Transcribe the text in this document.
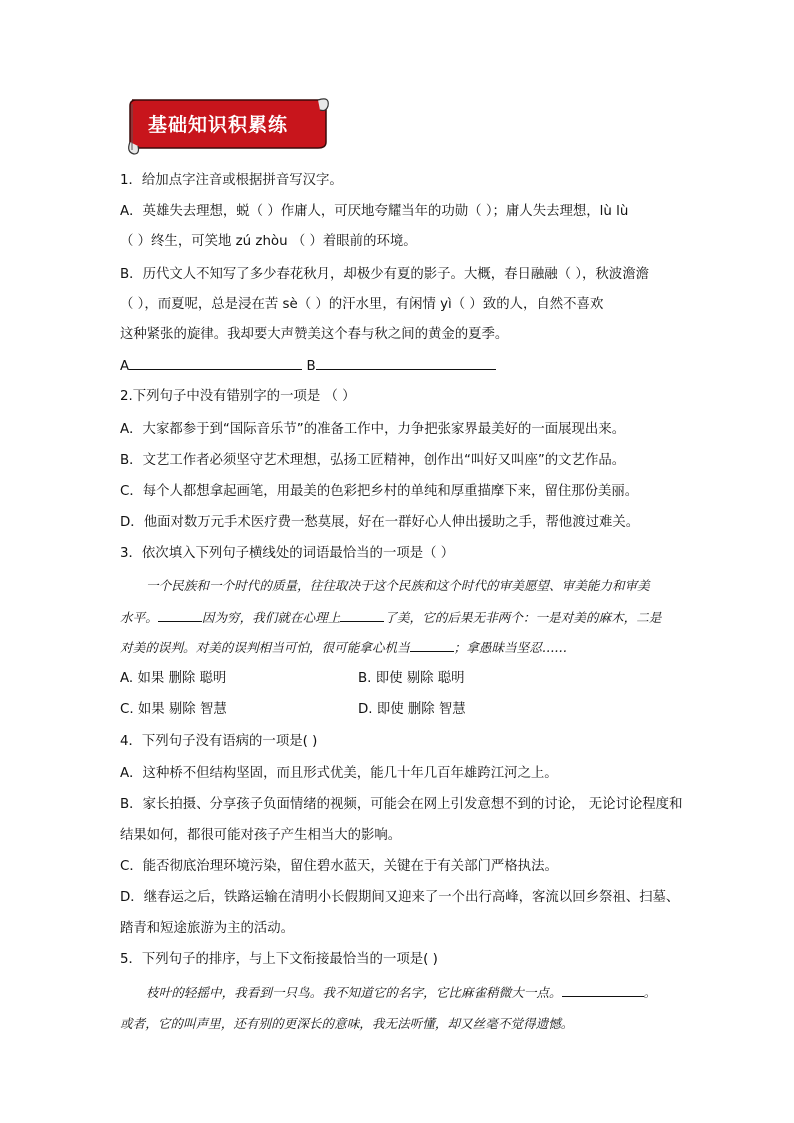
基础知识积累练
1．给加点字注音或根据拼音写汉字。
A．英雄失去理想，蜕（ ）作庸人，可厌地夸耀当年的功勋（ ）；庸人失去理想，lù lù
（ ）终生，可笑地 zú zhòu （ ）着眼前的环境。
B．历代文人不知写了多少春花秋月，却极少有夏的影子。大概，春日融融（ ），秋波澹澹
（ ），而夏呢，总是浸在苦 sè（ ）的汗水里，有闲情 yì（ ）致的人，自然不喜欢
这种紧张的旋律。我却要大声赞美这个春与秋之间的黄金的夏季。
A	B
2.下列句子中没有错别字的一项是 （ ）
A．大家都参于到“国际音乐节”的准备工作中，力争把张家界最美好的一面展现出来。
B．文艺工作者必须坚守艺术理想，弘扬工匠精神，创作出“叫好又叫座”的文艺作品。
C．每个人都想拿起画笔，用最美的色彩把乡村的单纯和厚重描摩下来，留住那份美丽。
D．他面对数万元手术医疗费一愁莫展，好在一群好心人伸出援助之手，帮他渡过难关。
3．依次填入下列句子横线处的词语最恰当的一项是（ ）
一个民族和一个时代的质量，往往取决于这个民族和这个时代的审美愿望、审美能力和审美
水平。	因为穷，我们就在心理上	了美，它的后果无非两个：一是对美的麻木，二是
对美的误判。对美的误判相当可怕，很可能拿心机当	；拿愚昧当坚忍……
A. 如果 删除 聪明	B. 即使 剔除 聪明
C. 如果 剔除 智慧	D. 即使 删除 智慧
4．下列句子没有语病的一项是( )
A．这种桥不但结构坚固，而且形式优美，能几十年几百年雄跨江河之上。
B．家长拍摄、分享孩子负面情绪的视频，可能会在网上引发意想不到的讨论， 无论讨论程度和
结果如何，都很可能对孩子产生相当大的影响。
C．能否彻底治理环境污染，留住碧水蓝天，关键在于有关部门严格执法。
D．继春运之后，铁路运输在清明小长假期间又迎来了一个出行高峰，客流以回乡祭祖、扫墓、
踏青和短途旅游为主的活动。
5．下列句子的排序，与上下文衔接最恰当的一项是( )
枝叶的轻摇中，我看到一只鸟。我不知道它的名字，它比麻雀稍微大一点。	。
或者，它的叫声里，还有别的更深长的意味，我无法听懂，却又丝毫不觉得遗憾。
